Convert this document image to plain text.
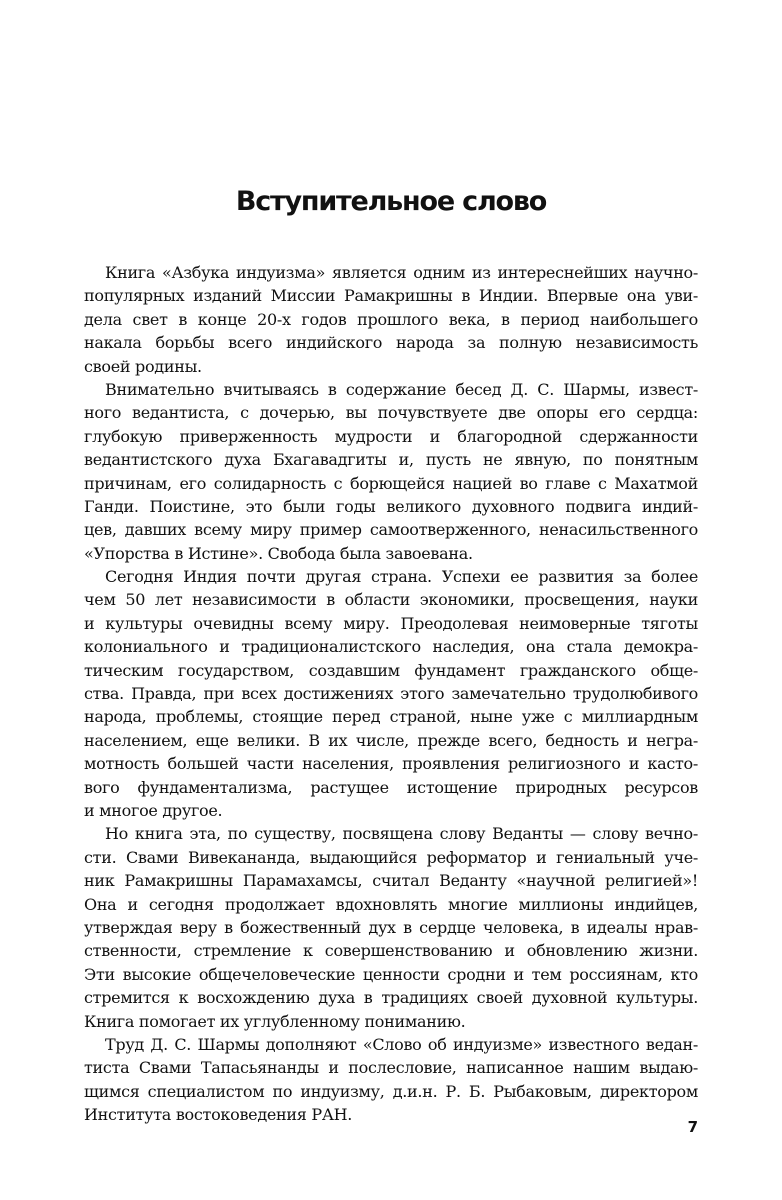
Вступительное слово

Книга «Азбука индуизма» является одним из интереснейших научно-
популярных изданий Миссии Рамакришны в Индии. Впервые она уви-
дела свет в конце 20-х годов прошлого века, в период наибольшего
накала борьбы всего индийского народа за полную независимость
своей родины.

Внимательно вчитываясь в содержание бесед Д. С. Шармы, извест-
ного ведантиста, с дочерью, вы почувствуете две опоры его сердца:
глубокую приверженность мудрости и благородной сдержанности
ведантистского духа Бхагавадгиты и, пусть не явную, по понятным
причинам, его солидарность с борющейся нацией во главе с Махатмой
Ганди. Поистине, это были годы великого духовного подвига индий-
цев, давших всему миру пример самоотверженного, ненасильственного
«Упорства в Истине». Свобода была завоевана.

Сегодня Индия почти другая страна. Успехи ее развития за более
чем 50 лет независимости в области экономики, просвещения, науки
и культуры очевидны всему миру. Преодолевая неимоверные тяготы
колониального и традиционалистского наследия, она стала демокра-
тическим государством, создавшим фундамент гражданского обще-
ства. Правда, при всех достижениях этого замечательно трудолюбивого
народа, проблемы, стоящие перед страной, ныне уже с миллиардным
населением, еще велики. В их числе, прежде всего, бедность и негра-
мотность большей части населения, проявления религиозного и касто-
вого фундаментализма, растущее истощение природных ресурсов
и многое другое.

Но книга эта, по существу, посвящена слову Веданты — слову вечно-
сти. Свами Вивекананда, выдающийся реформатор и гениальный уче-
ник Рамакришны Парамахамсы, считал Веданту «научной религией»!
Она и сегодня продолжает вдохновлять многие миллионы индийцев,
утверждая веру в божественный дух в сердце человека, в идеалы нрав-
ственности, стремление к совершенствованию и обновлению жизни.
Эти высокие общечеловеческие ценности сродни и тем россиянам, кто
стремится к восхождению духа в традициях своей духовной культуры.
Книга помогает их углубленному пониманию.

Труд Д. С. Шармы дополняют «Слово об индуизме» известного ведан-
тиста Свами Тапасьянанды и послесловие, написанное нашим выдаю-
щимся специалистом по индуизму, д.и.н. Р. Б. Рыбаковым, директором
Института востоковедения РАН.

7
